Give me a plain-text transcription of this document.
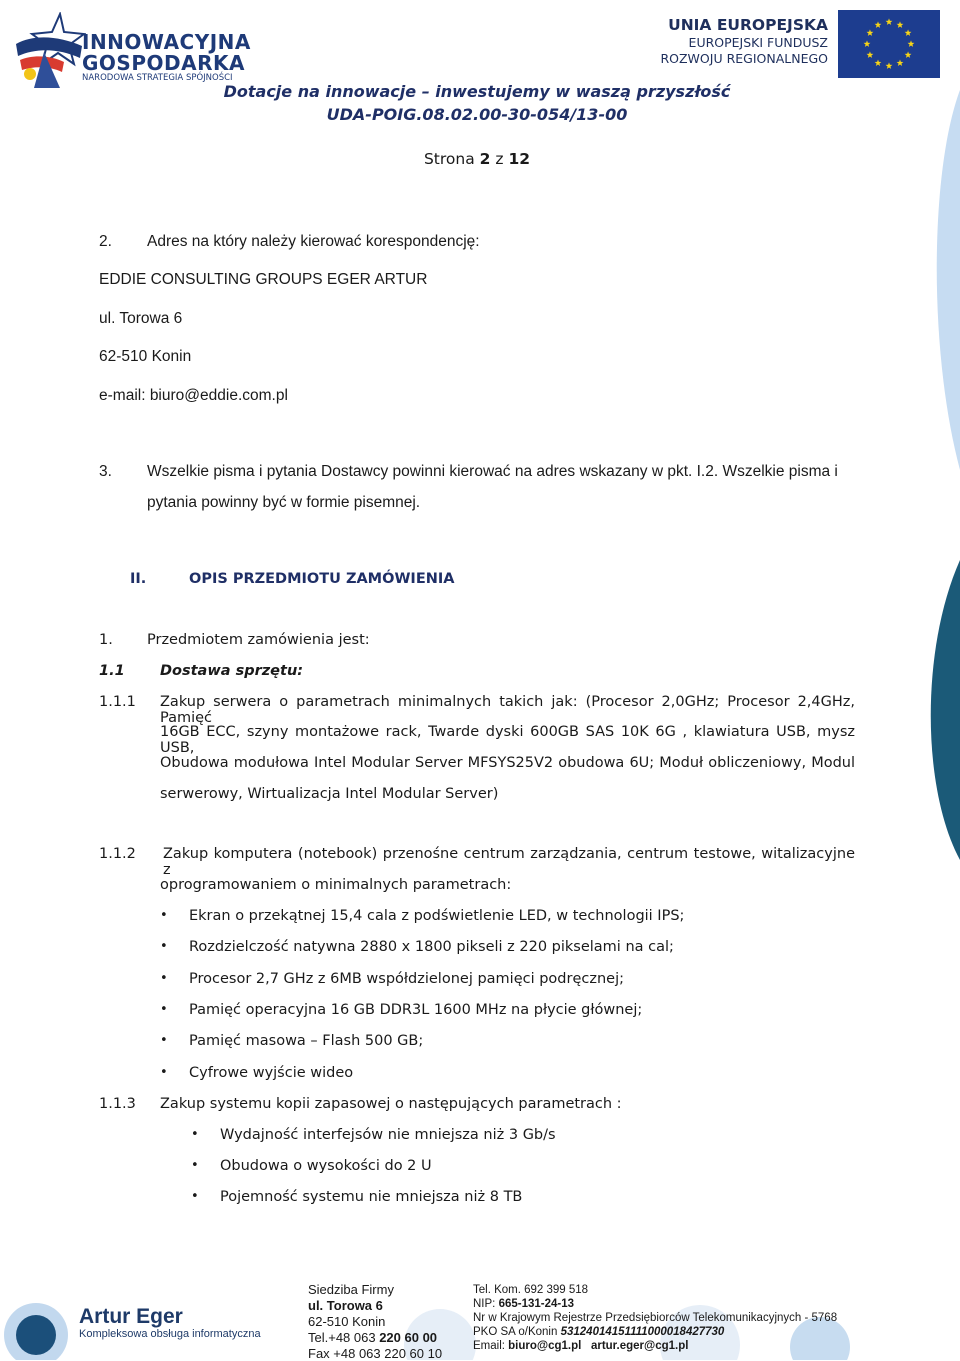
INNOWACYJNA
GOSPODARKA
NARODOWA STRATEGIA SPÓJNOŚCI
UNIA EUROPEJSKA
EUROPEJSKI FUNDUSZ
ROZWOJU REGIONALNEGO
Dotacje na innowacje – inwestujemy w waszą przyszłość
UDA-POIG.08.02.00-30-054/13-00
Strona 2 z 12
2. Adres na który należy kierować korespondencję:
EDDIE CONSULTING GROUPS EGER ARTUR
ul. Torowa 6
62-510 Konin
e-mail: biuro@eddie.com.pl
3. Wszelkie pisma i pytania Dostawcy powinni kierować na adres wskazany w pkt. I.2. Wszelkie pisma i
pytania powinny być w formie pisemnej.
II.	OPIS PRZEDMIOTU ZAMÓWIENIA
1. Przedmiotem zamówienia jest:
1.1 Dostawa sprzętu:
1.1.1 Zakup serwera o parametrach minimalnych takich jak: (Procesor 2,0GHz; Procesor 2,4GHz, Pamięć
16GB ECC, szyny montażowe rack, Twarde dyski 600GB SAS 10K 6G , klawiatura USB, mysz USB,
Obudowa modułowa Intel Modular Server MFSYS25V2 obudowa 6U; Moduł obliczeniowy, Modul
serwerowy, Wirtualizacja Intel Modular Server)
1.1.2 Zakup komputera (notebook) przenośne centrum zarządzania, centrum testowe, witalizacyjne z
oprogramowaniem o minimalnych parametrach:
• Ekran o przekątnej 15,4 cala z podświetlenie LED, w technologii IPS;
• Rozdzielczość natywna 2880 x 1800 pikseli z 220 pikselami na cal;
• Procesor 2,7 GHz z 6MB współdzielonej pamięci podręcznej;
• Pamięć operacyjna 16 GB DDR3L 1600 MHz na płycie głównej;
• Pamięć masowa – Flash 500 GB;
• Cyfrowe wyjście wideo
1.1.3 Zakup systemu kopii zapasowej o następujących parametrach :
• Wydajność interfejsów nie mniejsza niż 3 Gb/s
• Obudowa o wysokości do 2 U
• Pojemność systemu nie mniejsza niż 8 TB
Artur Eger
Kompleksowa obsługa informatyczna
Siedziba Firmy
ul. Torowa 6
62-510 Konin
Tel.+48 063 220 60 00
Fax +48 063 220 60 10
Tel. Kom. 692 399 518
NIP: 665-131-24-13
Nr w Krajowym Rejestrze Przedsiębiorców Telekomunikacyjnych - 5768
PKO SA o/Konin 53124014151111000018427730
Email: biuro@cg1.pl artur.eger@cg1.pl
